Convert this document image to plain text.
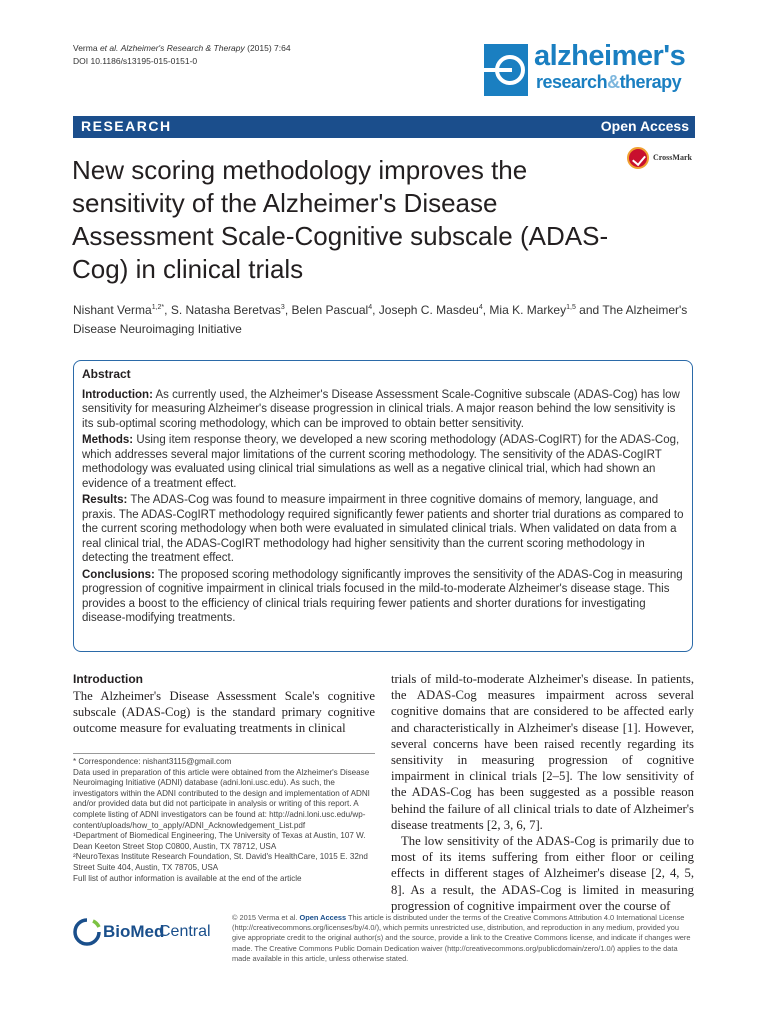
Verma et al. Alzheimer's Research & Therapy (2015) 7:64
DOI 10.1186/s13195-015-0151-0	alzheimer's
research&therapy
RESEARCH	Open Access
New scoring methodology improves the sensitivity of the Alzheimer's Disease Assessment Scale-Cognitive subscale (ADAS-Cog) in clinical trials
CrossMark
Nishant Verma$^{1,2*}$, S. Natasha Beretvas$^3$, Belen Pascual$^4$, Joseph C. Masdeu$^4$, Mia K. Markey$^{1,5}$ and The Alzheimer's Disease Neuroimaging Initiative
Abstract

Introduction: As currently used, the Alzheimer's Disease Assessment Scale-Cognitive subscale (ADAS-Cog) has low sensitivity for measuring Alzheimer's disease progression in clinical trials. A major reason behind the low sensitivity is its sub-optimal scoring methodology, which can be improved to obtain better sensitivity.

Methods: Using item response theory, we developed a new scoring methodology (ADAS-CogIRT) for the ADAS-Cog, which addresses several major limitations of the current scoring methodology. The sensitivity of the ADAS-CogIRT methodology was evaluated using clinical trial simulations as well as a negative clinical trial, which had shown an evidence of a treatment effect.

Results: The ADAS-Cog was found to measure impairment in three cognitive domains of memory, language, and praxis. The ADAS-CogIRT methodology required significantly fewer patients and shorter trial durations as compared to the current scoring methodology when both were evaluated in simulated clinical trials. When validated on data from a real clinical trial, the ADAS-CogIRT methodology had higher sensitivity than the current scoring methodology in detecting the treatment effect.

Conclusions: The proposed scoring methodology significantly improves the sensitivity of the ADAS-Cog in measuring progression of cognitive impairment in clinical trials focused in the mild-to-moderate Alzheimer's disease stage. This provides a boost to the efficiency of clinical trials requiring fewer patients and shorter durations for investigating disease-modifying treatments.

Introduction
The Alzheimer's Disease Assessment Scale's cognitive subscale (ADAS-Cog) is the standard primary cognitive outcome measure for evaluating treatments in clinical

trials of mild-to-moderate Alzheimer's disease. In patients, the ADAS-Cog measures impairment across several cognitive domains that are considered to be affected early and characteristically in Alzheimer's disease [1]. However, several concerns have been raised recently regarding its sensitivity in measuring progression of cognitive impairment in clinical trials [2–5]. The low sensitivity of the ADAS-Cog has been suggested as a possible reason behind the failure of all clinical trials to date of Alzheimer's disease treatments [2, 3, 6, 7].

The low sensitivity of the ADAS-Cog is primarily due to most of its items suffering from either floor or ceiling effects in different stages of Alzheimer's disease [2, 4, 5, 8]. As a result, the ADAS-Cog is limited in measuring progression of cognitive impairment over the course of

* Correspondence: nishant3115@gmail.com

Data used in preparation of this article were obtained from the Alzheimer's Disease Neuroimaging Initiative (ADNI) database (adni.loni.usc.edu). As such, the investigators within the ADNI contributed to the design and implementation of ADNI and/or provided data but did not participate in analysis or writing of this report. A complete listing of ADNI investigators can be found at: http://adni.loni.usc.edu/wp-content/uploads/how_to_apply/ADNI_Acknowledgement_List.pdf

¹Department of Biomedical Engineering, The University of Texas at Austin, 107 W. Dean Keeton Street Stop C0800, Austin, TX 78712, USA

²NeuroTexas Institute Research Foundation, St. David's HealthCare, 1015 E. 32nd Street Suite 404, Austin, TX 78705, USA

Full list of author information is available at the end of the article

BioMed
Central
© 2015 Verma et al. Open Access This article is distributed under the terms of the Creative Commons Attribution 4.0 International License (http://creativecommons.org/licenses/by/4.0/), which permits unrestricted use, distribution, and reproduction in any medium, provided you give appropriate credit to the original author(s) and the source, provide a link to the Creative Commons license, and indicate if changes were made. The Creative Commons Public Domain Dedication waiver (http://creativecommons.org/publicdomain/zero/1.0/) applies to the data made available in this article, unless otherwise stated.
